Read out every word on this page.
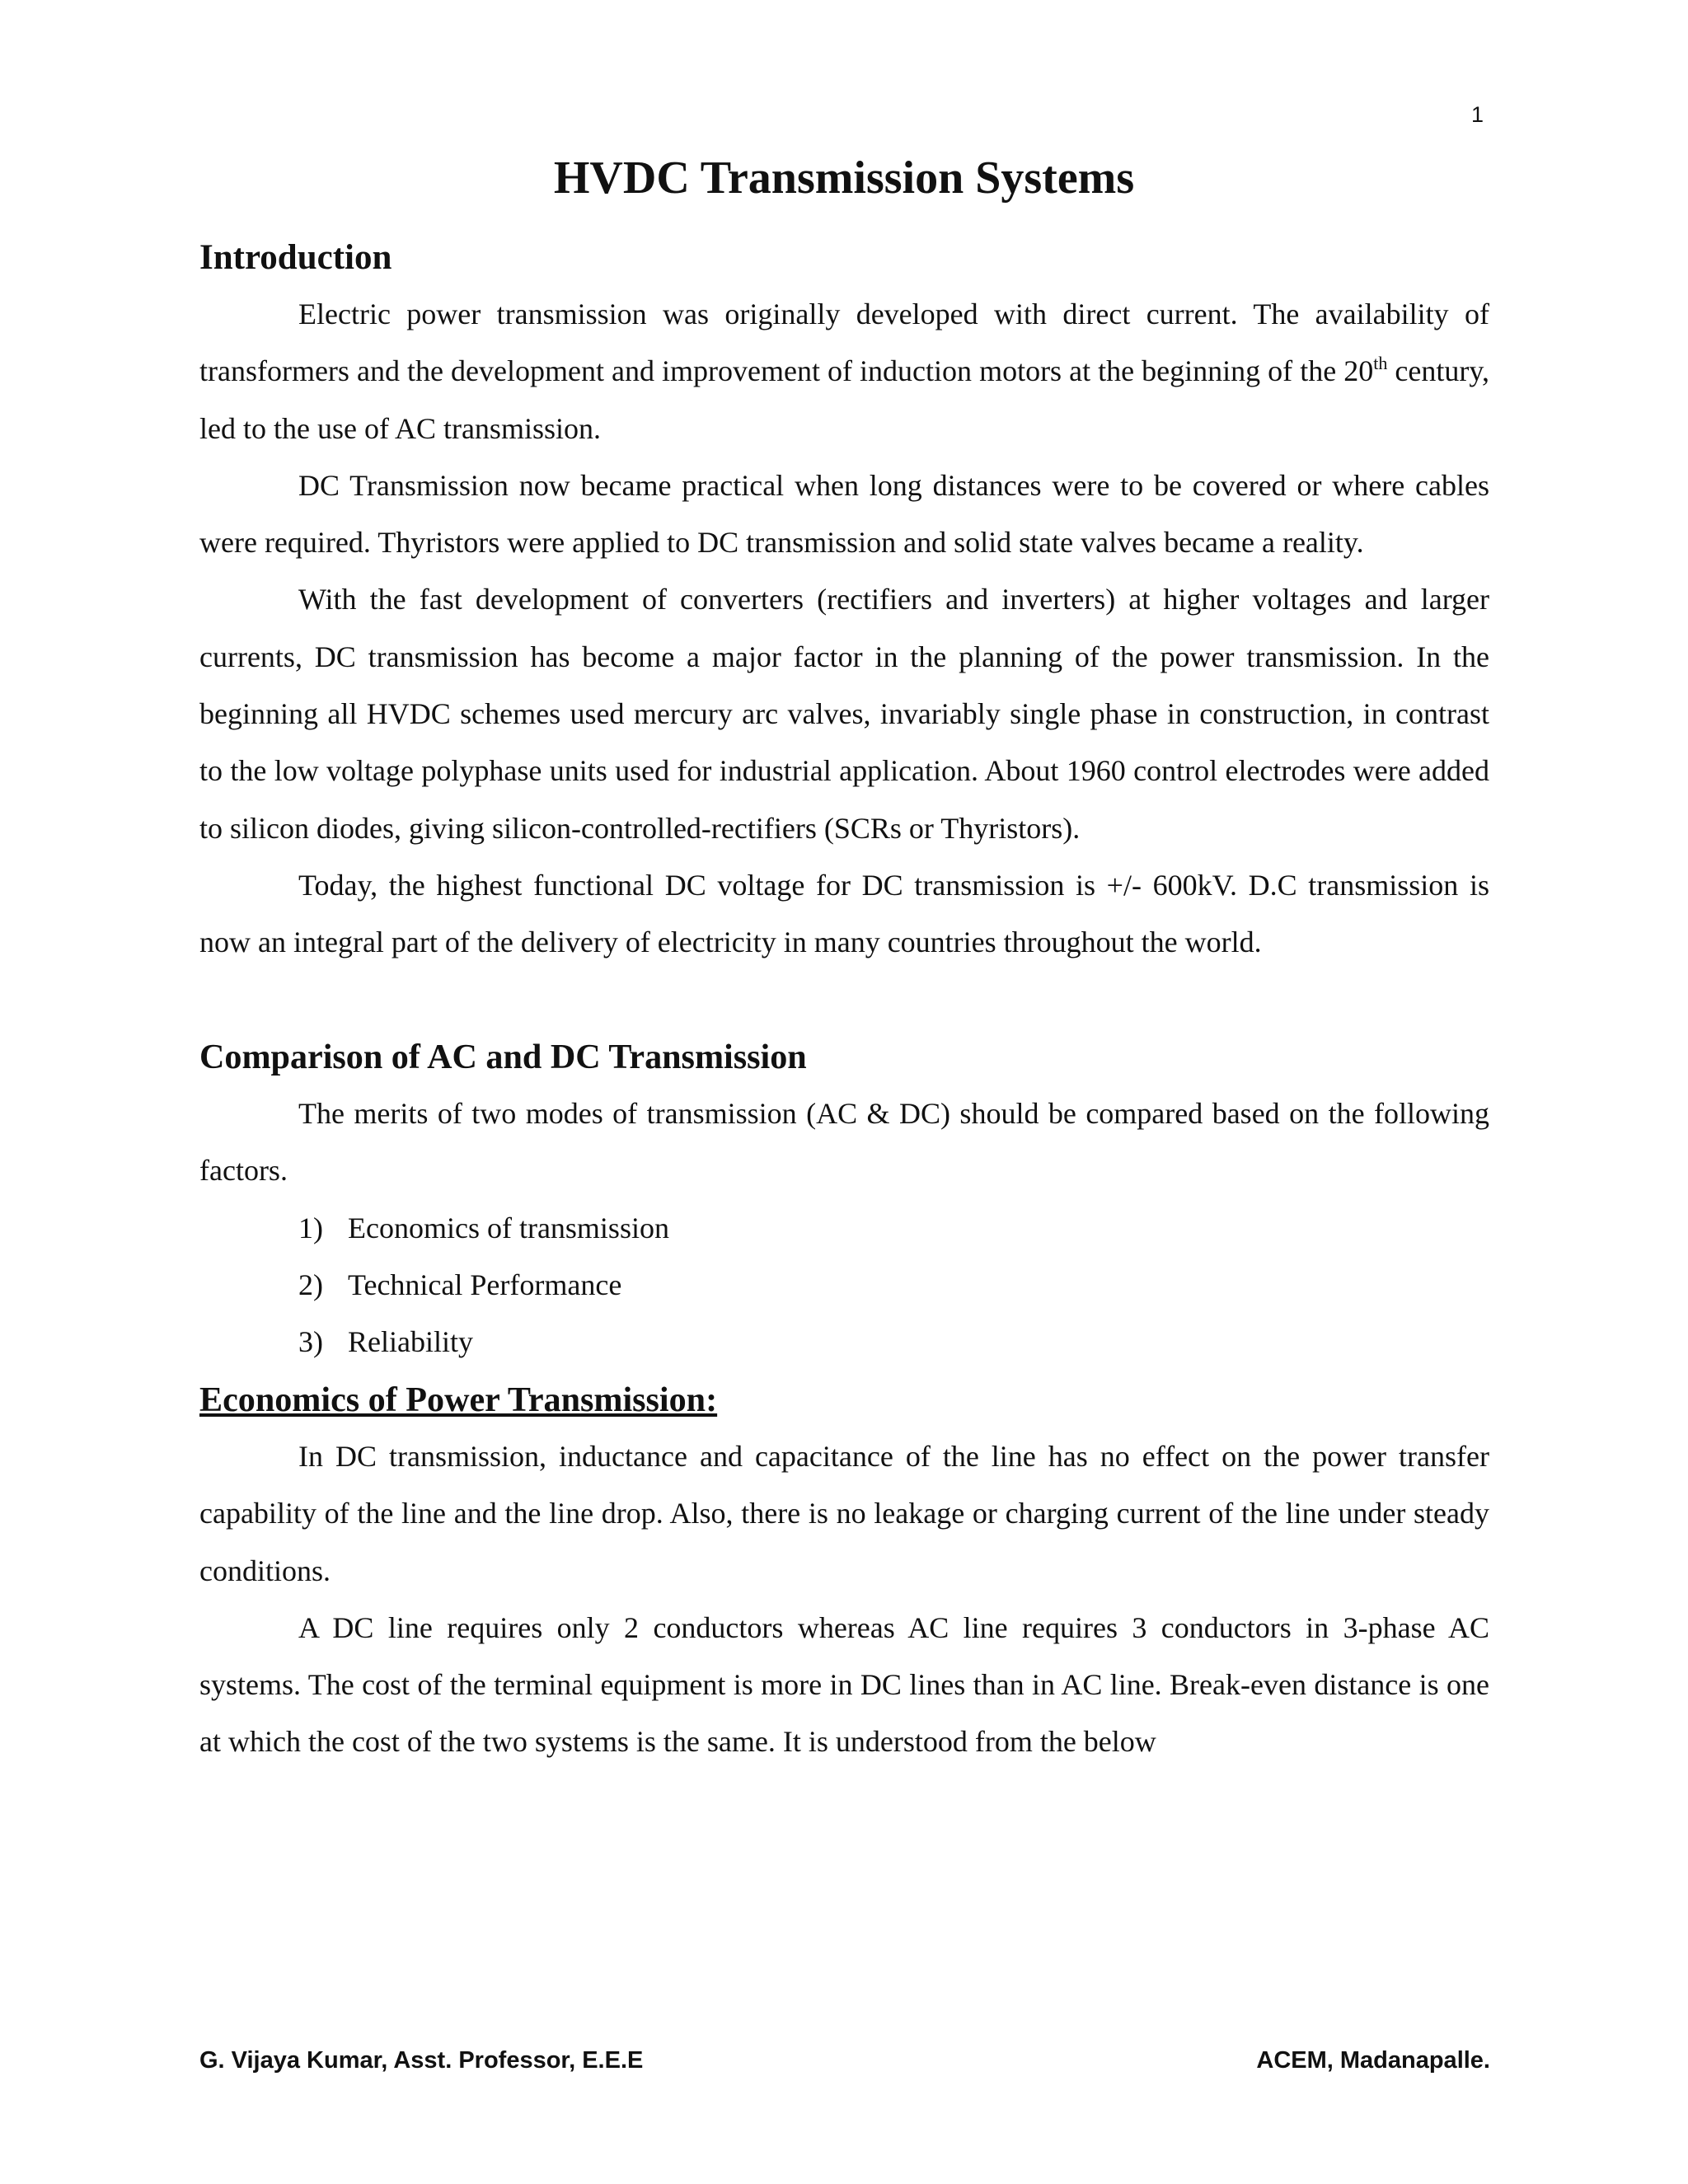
1
HVDC Transmission Systems
Introduction

Electric power transmission was originally developed with direct current. The availability of transformers and the development and improvement of induction motors at the beginning of the 20th century, led to the use of AC transmission.

DC Transmission now became practical when long distances were to be covered or where cables were required. Thyristors were applied to DC transmission and solid state valves became a reality.

With the fast development of converters (rectifiers and inverters) at higher voltages and larger currents, DC transmission has become a major factor in the planning of the power transmission. In the beginning all HVDC schemes used mercury arc valves, invariably single phase in construction, in contrast to the low voltage polyphase units used for industrial application. About 1960 control electrodes were added to silicon diodes, giving silicon-controlled-rectifiers (SCRs or Thyristors).

Today, the highest functional DC voltage for DC transmission is +/- 600kV. D.C transmission is now an integral part of the delivery of electricity in many countries throughout the world.

Comparison of AC and DC Transmission

The merits of two modes of transmission (AC & DC) should be compared based on the following factors.

1) Economics of transmission
2) Technical Performance
3) Reliability
Economics of Power Transmission:

In DC transmission, inductance and capacitance of the line has no effect on the power transfer capability of the line and the line drop. Also, there is no leakage or charging current of the line under steady conditions.

A DC line requires only 2 conductors whereas AC line requires 3 conductors in 3-phase AC systems. The cost of the terminal equipment is more in DC lines than in AC line. Break-even distance is one at which the cost of the two systems is the same. It is understood from the below

G. Vijaya Kumar, Asst. Professor, E.E.E	ACEM, Madanapalle.
